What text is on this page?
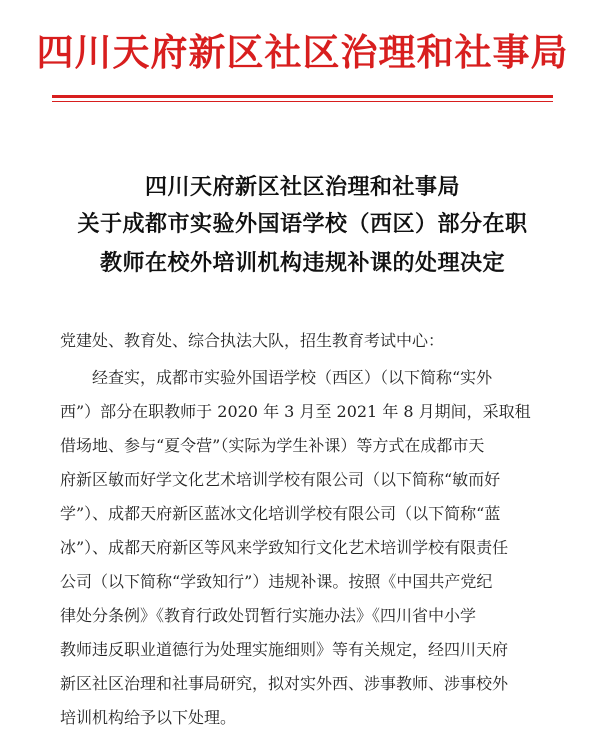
四川天府新区社区治理和社事局
四川天府新区社区治理和社事局
关于成都市实验外国语学校（西区）部分在职
教师在校外培训机构违规补课的处理决定
党建处、教育处、综合执法大队，招生教育考试中心：
　　经查实，成都市实验外国语学校（西区）（以下简称“实外
西”）部分在职教师于 2020 年 3 月至 2021 年 8 月期间，采取租
借场地、参与“夏令营”（实际为学生补课）等方式在成都市天
府新区敏而好学文化艺术培训学校有限公司（以下简称“敏而好
学”）、成都天府新区蓝冰文化培训学校有限公司（以下简称“蓝
冰”）、成都天府新区等风来学致知行文化艺术培训学校有限责任
公司（以下简称“学致知行”）违规补课。按照《中国共产党纪
律处分条例》《教育行政处罚暂行实施办法》《四川省中小学
教师违反职业道德行为处理实施细则》等有关规定，经四川天府
新区社区治理和社事局研究，拟对实外西、涉事教师、涉事校外
培训机构给予以下处理。
